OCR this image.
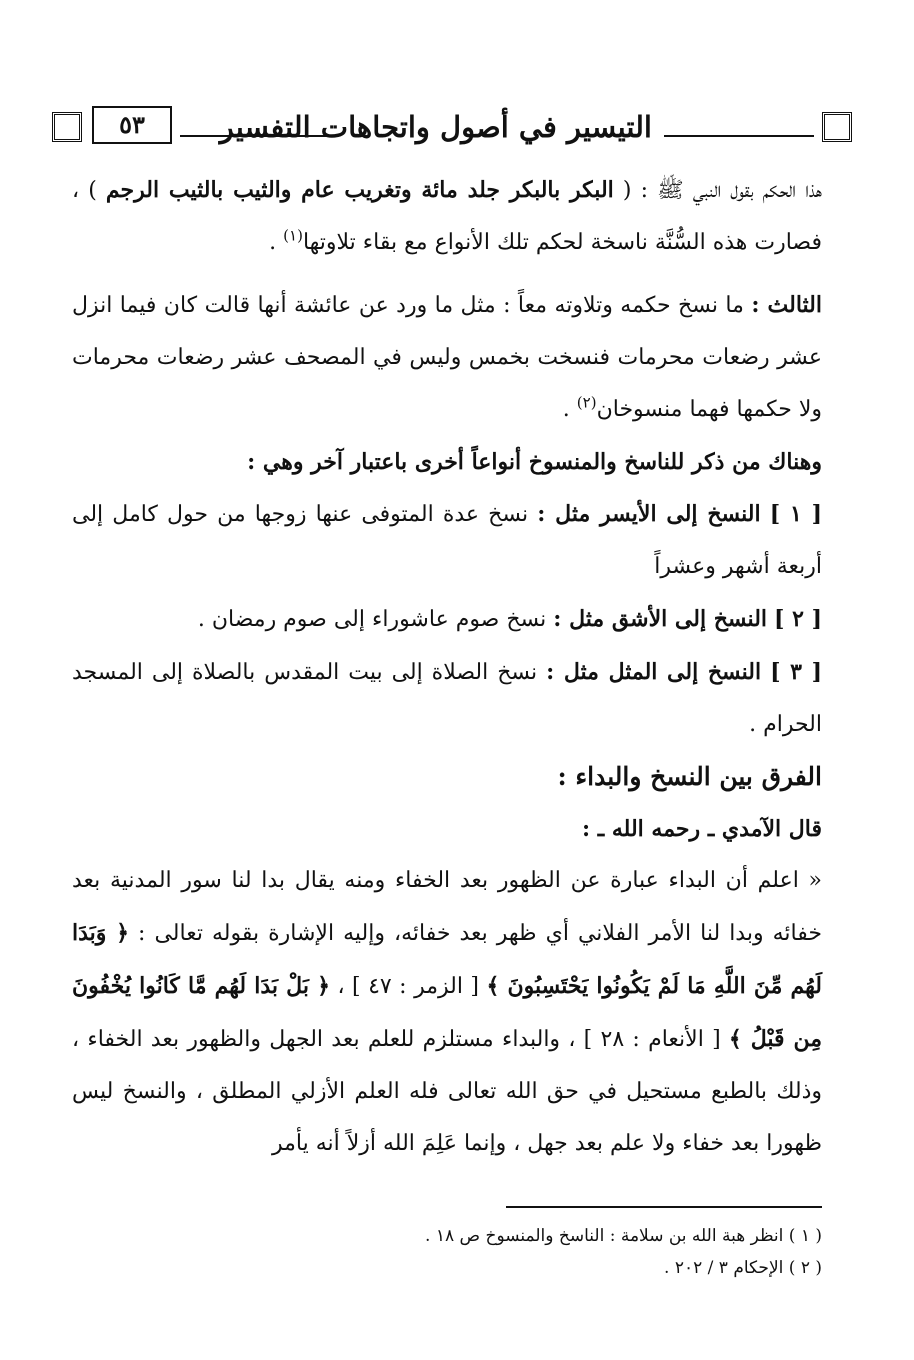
التيسير في أصول واتجاهات التفسير
٥٣

هذا الحكم بقول النبي ﷺ : ( البكر بالبكر جلد مائة وتغريب عام والثيب بالثيب الرجم ) ، فصارت هذه السُّنَّة ناسخة لحكم تلك الأنواع مع بقاء تلاوتها$^{(١)}$ .

الثالث : ما نسخ حكمه وتلاوته معاً : مثل ما ورد عن عائشة أنها قالت كان فيما انزل عشر رضعات محرمات فنسخت بخمس وليس في المصحف عشر رضعات محرمات ولا حكمها فهما منسوخان$^{(٢)}$ .

وهناك من ذكر للناسخ والمنسوخ أنواعاً أخرى باعتبار آخر وهي :

[ ١ ] النسخ إلى الأيسر مثل : نسخ عدة المتوفى عنها زوجها من حول كامل إلى أربعة أشهر وعشراً

[ ٢ ] النسخ إلى الأشق مثل : نسخ صوم عاشوراء إلى صوم رمضان .

[ ٣ ] النسخ إلى المثل مثل : نسخ الصلاة إلى بيت المقدس بالصلاة إلى المسجد الحرام .

الفرق بين النسخ والبداء :

قال الآمدي ـ رحمه الله ـ :

« اعلم أن البداء عبارة عن الظهور بعد الخفاء ومنه يقال بدا لنا سور المدنية بعد خفائه وبدا لنا الأمر الفلاني أي ظهر بعد خفائه، وإليه الإشارة بقوله تعالى : ﴿ وَبَدَا لَهُم مِّنَ اللَّهِ مَا لَمْ يَكُونُوا يَحْتَسِبُونَ ﴾ [ الزمر : ٤٧ ] ، ﴿ بَلْ بَدَا لَهُم مَّا كَانُوا يُخْفُونَ مِن قَبْلُ ﴾ [ الأنعام : ٢٨ ] ، والبداء مستلزم للعلم بعد الجهل والظهور بعد الخفاء ، وذلك بالطبع مستحيل في حق الله تعالى فله العلم الأزلي المطلق ، والنسخ ليس ظهورا بعد خفاء ولا علم بعد جهل ، وإنما عَلِمَ الله أزلاً أنه يأمر

( ١ ) انظر هبة الله بن سلامة : الناسخ والمنسوخ ص ١٨ .

( ٢ ) الإحكام ٣ / ٢٠٢ .
